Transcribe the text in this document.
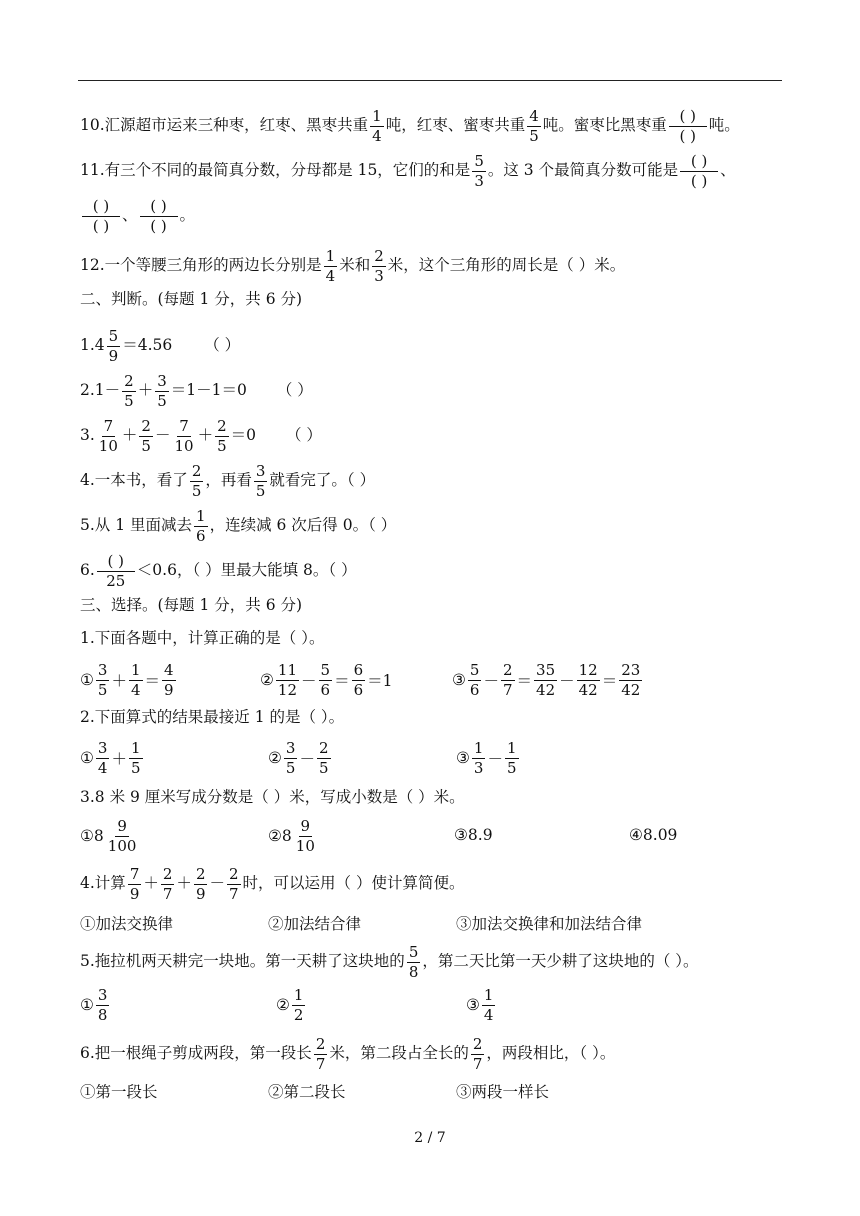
10. 汇源超市运来三种枣，红枣、黑枣共重 $\frac{1}{4}$ 吨，红枣、蜜枣共重 $\frac{4}{5}$ 吨。蜜枣比黑枣重 $\frac{( )}{( )}$ 吨。
11. 有三个不同的最简真分数，分母都是 15，它们的和是 $\frac{5}{3}$ 。这 3 个最简真分数可能是 $\frac{( )}{( )}$ 、
$\frac{( )}{( )}$ 、 $\frac{( )}{( )}$ 。
12. 一个等腰三角形的两边长分别是 $\frac{1}{4}$ 米和 $\frac{2}{3}$ 米，这个三角形的周长是（ ）米。
二、判断。(每题 1 分，共 6 分)
1. $4 \frac{5}{9} =4.56$ （ ）
2. $1- \frac{2}{5} + \frac{3}{5} =1-1=0$ （ ）
3. $\frac{7}{10} + \frac{2}{5} - \frac{7}{10} + \frac{2}{5} =0$ （ ）
4. 一本书，看了 $\frac{2}{5}$ ，再看 $\frac{3}{5}$ 就看完了。（ ）
5. 从 1 里面减去 $\frac{1}{6}$ ，连续减 6 次后得 0。（ ）
6. $\frac{( )}{25} <0.6$，（ ）里最大能填 8。（ ）
三、选择。(每题 1 分，共 6 分)
1.下面各题中，计算正确的是（ ）。
① $\frac{3}{5} + \frac{1}{4} = \frac{4}{9}$	② $\frac{11}{12} - \frac{5}{6} = \frac{6}{6} =1$	③ $\frac{5}{6} - \frac{2}{7} = \frac{35}{42} - \frac{12}{42} = \frac{23}{42}$
2.下面算式的结果最接近 1 的是（ ）。
① $\frac{3}{4} + \frac{1}{5}$	② $\frac{3}{5} - \frac{2}{5}$	③ $\frac{1}{3} - \frac{1}{5}$
3.8 米 9 厘米写成分数是（ ）米，写成小数是（ ）米。
① $8 \frac{9}{100}$	② $8 \frac{9}{10}$	③ 8.9	④ 8.09
4. 计算 $\frac{7}{9} + \frac{2}{7} + \frac{2}{9} - \frac{2}{7}$ 时，可以运用（ ）使计算简便。
①加法交换律	②加法结合律	③加法交换律和加法结合律
5. 拖拉机两天耕完一块地。第一天耕了这块地的 $\frac{5}{8}$ ，第二天比第一天少耕了这块地的（ ）。
① $\frac{3}{8}$	② $\frac{1}{2}$	③ $\frac{1}{4}$
6. 把一根绳子剪成两段，第一段长 $\frac{2}{7}$ 米，第二段占全长的 $\frac{2}{7}$ ，两段相比，（ ）。
①第一段长	②第二段长	③两段一样长
2 / 7
